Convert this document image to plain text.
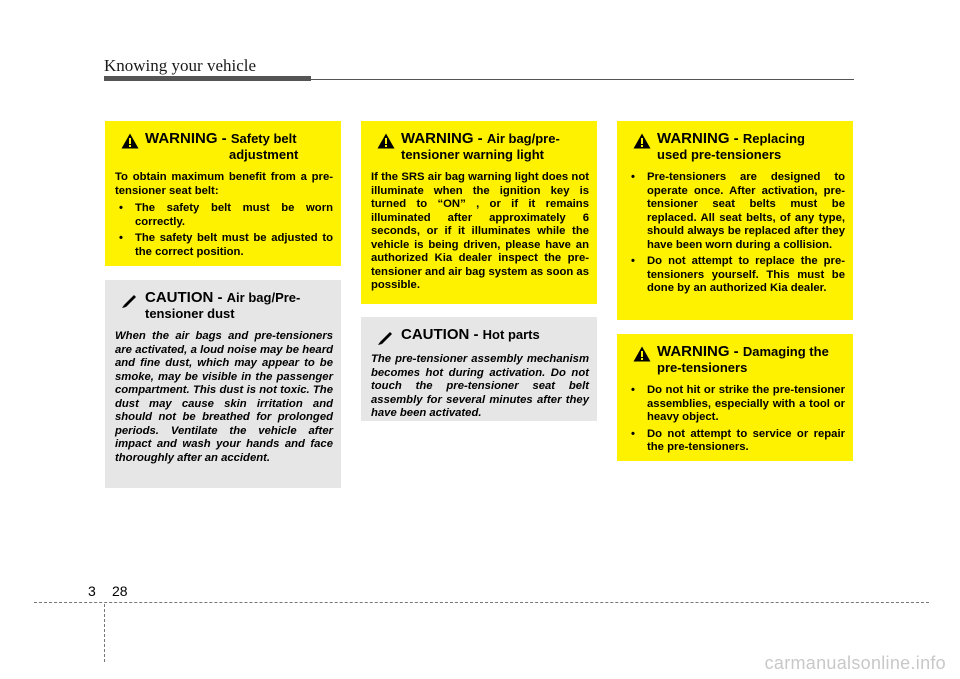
Knowing your vehicle
WARNING - Safety belt
adjustment
To obtain maximum benefit from a pre-tensioner seat belt:
• The safety belt must be worn correctly.
• The safety belt must be adjusted to the correct position.
CAUTION - Air bag/Pre-
tensioner dust
When the air bags and pre-tensioners are activated, a loud noise may be heard and fine dust, which may appear to be smoke, may be visible in the passenger compartment. This dust is not toxic. The dust may cause skin irritation and should not be breathed for prolonged periods. Ventilate the vehicle after impact and wash your hands and face thoroughly after an accident.
WARNING - Air bag/pre-
tensioner warning light
If the SRS air bag warning light does not illuminate when the ignition key is turned to “ON” , or if it remains illuminated after approximately 6 seconds, or if it illuminates while the vehicle is being driven, please have an authorized Kia dealer inspect the pre-tensioner and air bag system as soon as possible.
CAUTION - Hot parts
The pre-tensioner assembly mechanism becomes hot during activation. Do not touch the pre-tensioner seat belt assembly for several minutes after they have been activated.
WARNING - Replacing
used pre-tensioners
• Pre-tensioners are designed to operate once. After activation, pre-tensioner seat belts must be replaced. All seat belts, of any type, should always be replaced after they have been worn during a collision.
• Do not attempt to replace the pre-tensioners yourself. This must be done by an authorized Kia dealer.
WARNING - Damaging the
pre-tensioners
• Do not hit or strike the pre-tensioner assemblies, especially with a tool or heavy object.
• Do not attempt to service or repair the pre-tensioners.
3 28
carmanualsonline.info
